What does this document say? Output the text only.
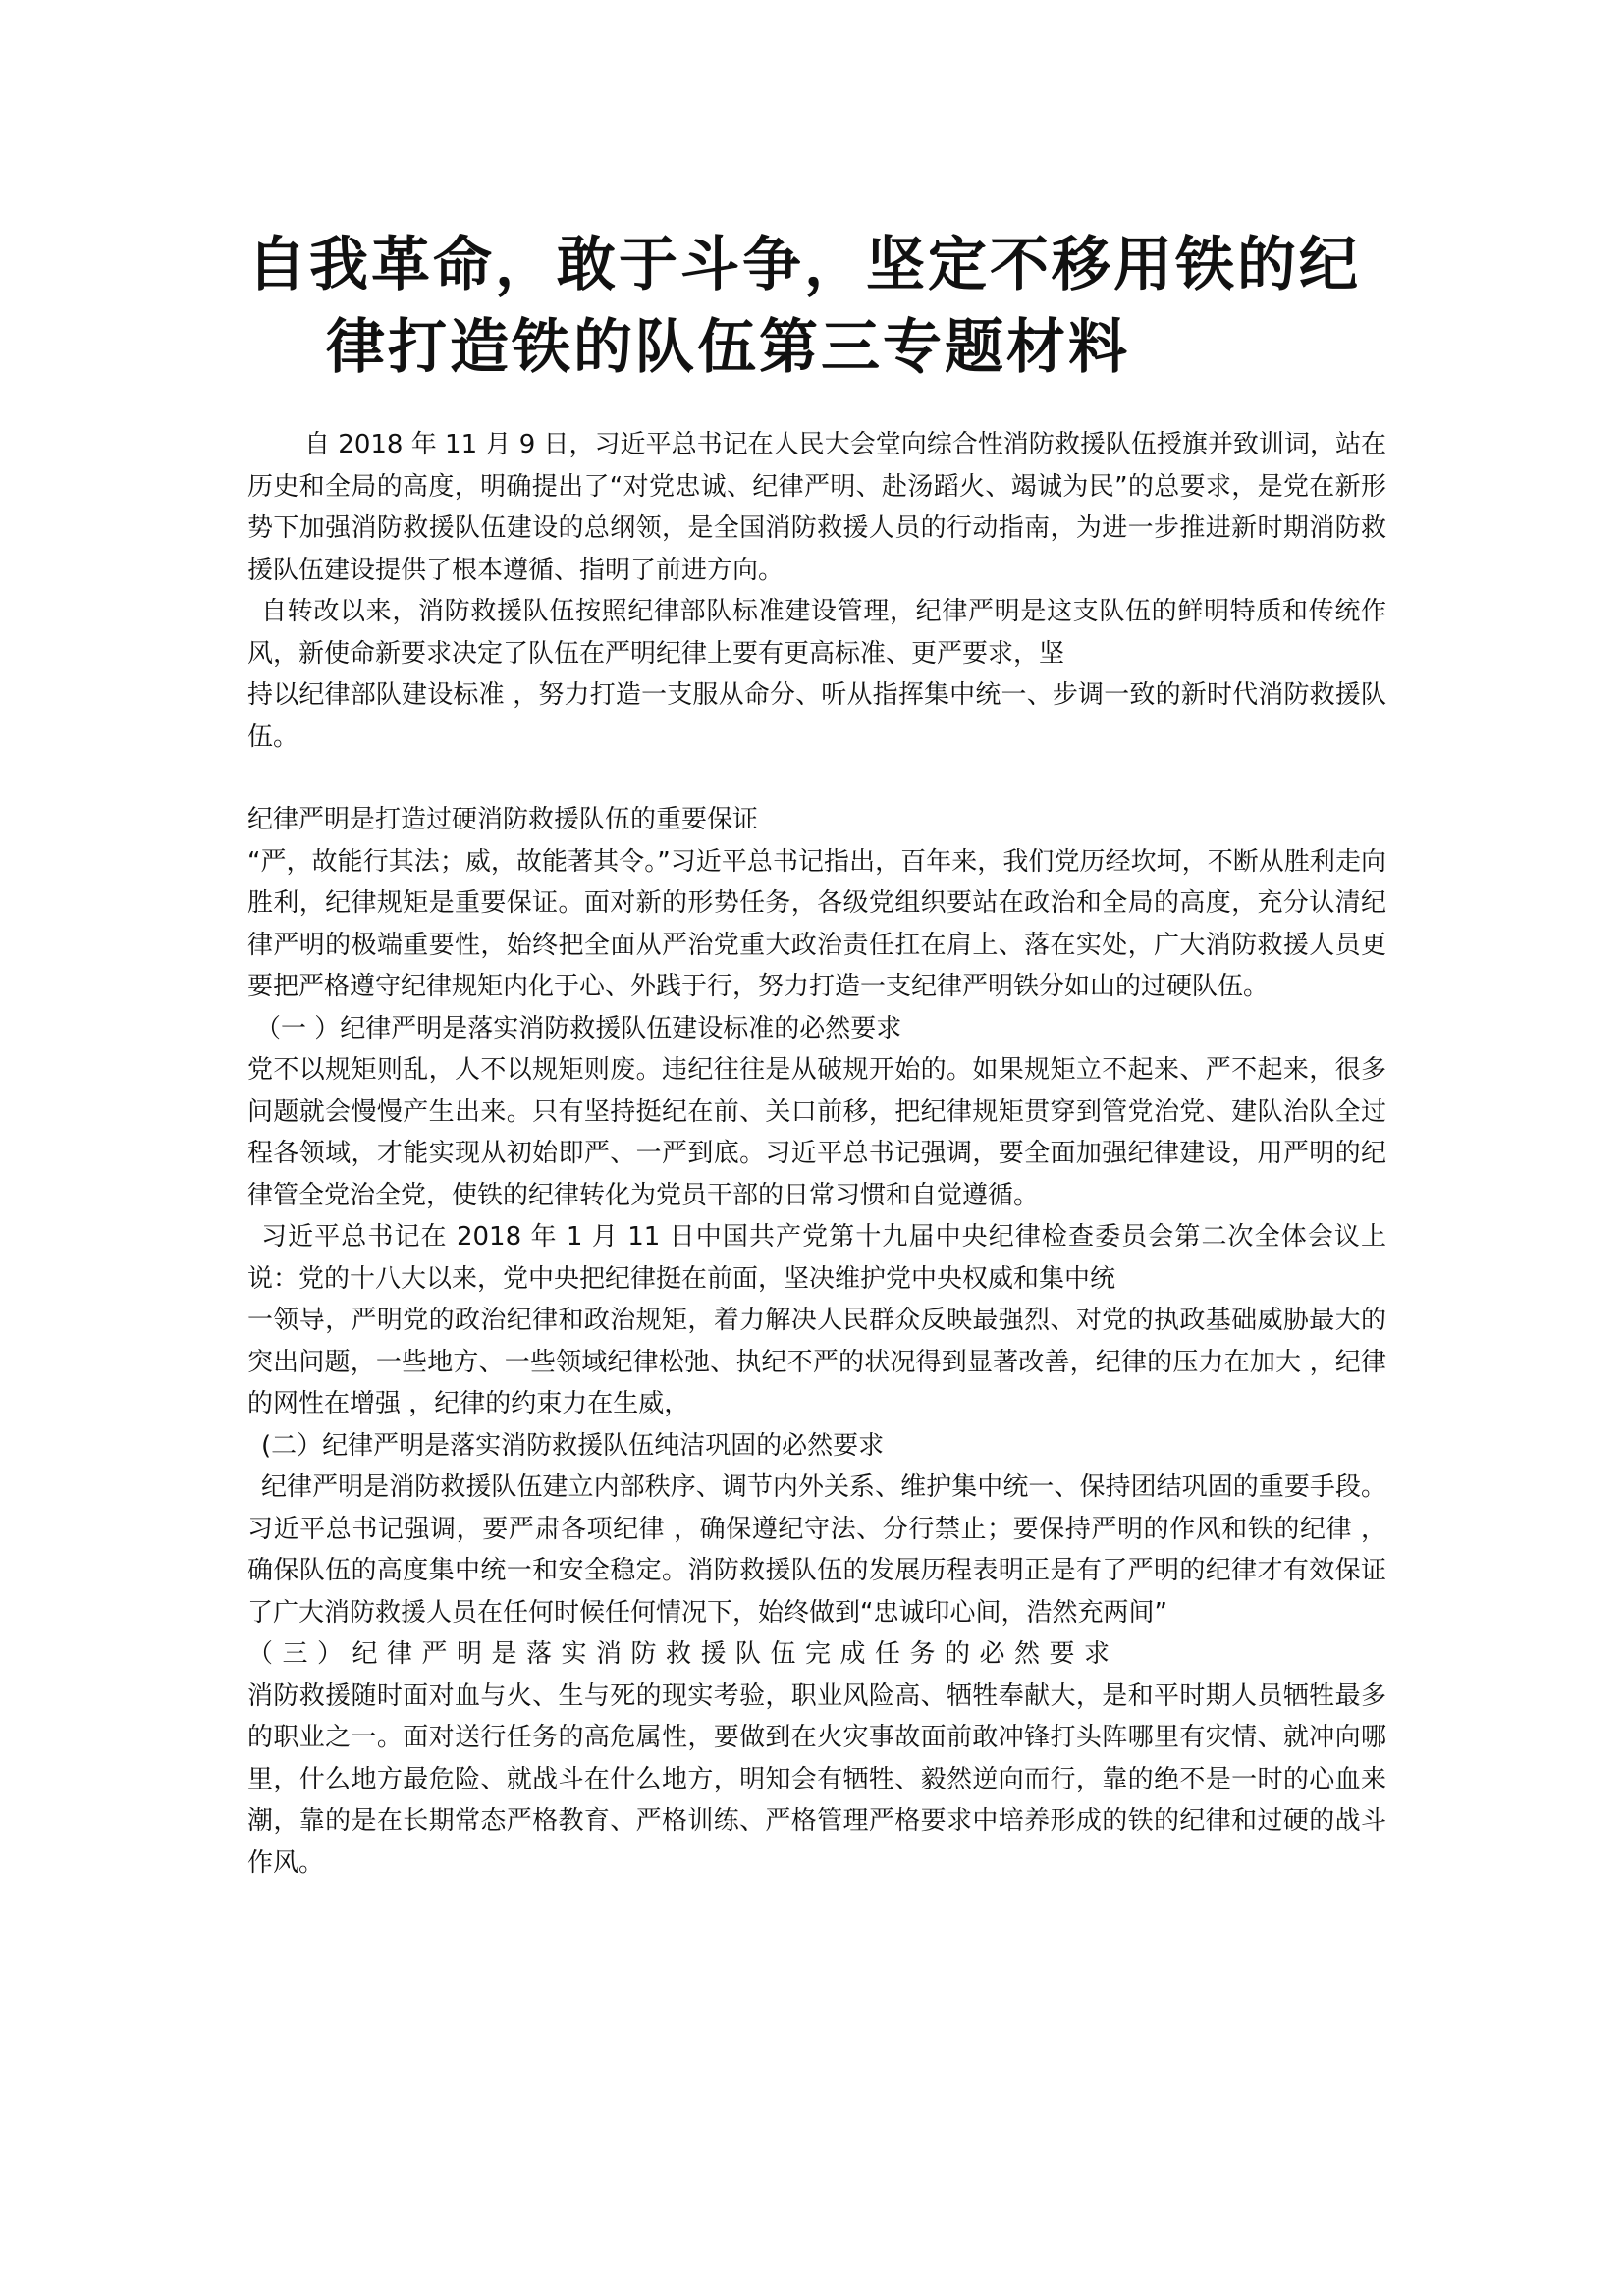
自我革命，敢于斗争，坚定不移用铁的纪
律打造铁的队伍第三专题材料

自 2018 年 11 月 9 日，习近平总书记在人民大会堂向综合性消防救援队伍授旗并致训词，站在历史和全局的高度，明确提出了“对党忠诚、纪律严明、赴汤蹈火、竭诚为民”的总要求，是党在新形势下加强消防救援队伍建设的总纲领，是全国消防救援人员的行动指南，为进一步推进新时期消防救援队伍建设提供了根本遵循、指明了前进方向。

自转改以来，消防救援队伍按照纪律部队标准建设管理，纪律严明是这支队伍的鲜明特质和传统作风，新使命新要求决定了队伍在严明纪律上要有更高标准、更严要求，坚

持以纪律部队建设标准 ，努力打造一支服从命分、听从指挥集中统一、步调一致的新时代消防救援队伍。

纪律严明是打造过硬消防救援队伍的重要保证

“严，故能行其法；威，故能著其令。”习近平总书记指出，百年来，我们党历经坎坷，不断从胜利走向胜利，纪律规矩是重要保证。面对新的形势任务，各级党组织要站在政治和全局的高度，充分认清纪律严明的极端重要性，始终把全面从严治党重大政治责任扛在肩上、落在实处，广大消防救援人员更要把严格遵守纪律规矩内化于心、外践于行，努力打造一支纪律严明铁分如山的过硬队伍。

（一 ）纪律严明是落实消防救援队伍建设标准的必然要求

党不以规矩则乱，人不以规矩则废。违纪往往是从破规开始的。如果规矩立不起来、严不起来，很多问题就会慢慢产生出来。只有坚持挺纪在前、关口前移，把纪律规矩贯穿到管党治党、建队治队全过程各领域，才能实现从初始即严、一严到底。习近平总书记强调，要全面加强纪律建设，用严明的纪律管全党治全党，使铁的纪律转化为党员干部的日常习惯和自觉遵循。

习近平总书记在 2018 年 1 月 11 日中国共产党第十九届中央纪律检查委员会第二次全体会议上说：党的十八大以来，党中央把纪律挺在前面，坚决维护党中央权威和集中统

一领导，严明党的政治纪律和政治规矩，着力解决人民群众反映最强烈、对党的执政基础威胁最大的突出问题，一些地方、一些领域纪律松弛、执纪不严的状况得到显著改善，纪律的压力在加大 ，纪律的网性在增强 ，纪律的约束力在生威，

(二）纪律严明是落实消防救援队伍纯洁巩固的必然要求

纪律严明是消防救援队伍建立内部秩序、调节内外关系、维护集中统一、保持团结巩固的重要手段。习近平总书记强调，要严肃各项纪律 ，确保遵纪守法、分行禁止；要保持严明的作风和铁的纪律 ，确保队伍的高度集中统一和安全稳定。消防救援队伍的发展历程表明正是有了严明的纪律才有效保证了广大消防救援人员在任何时候任何情况下，始终做到“忠诚印心间，浩然充两间”

（三）纪律严明是落实消防救援队伍完成任务的必然要求

消防救援随时面对血与火、生与死的现实考验，职业风险高、牺牲奉献大，是和平时期人员牺牲最多的职业之一。面对送行任务的高危属性，要做到在火灾事故面前敢冲锋打头阵哪里有灾情、就冲向哪里，什么地方最危险、就战斗在什么地方，明知会有牺牲、毅然逆向而行，靠的绝不是一时的心血来潮，靠的是在长期常态严格教育、严格训练、严格管理严格要求中培养形成的铁的纪律和过硬的战斗作风。
